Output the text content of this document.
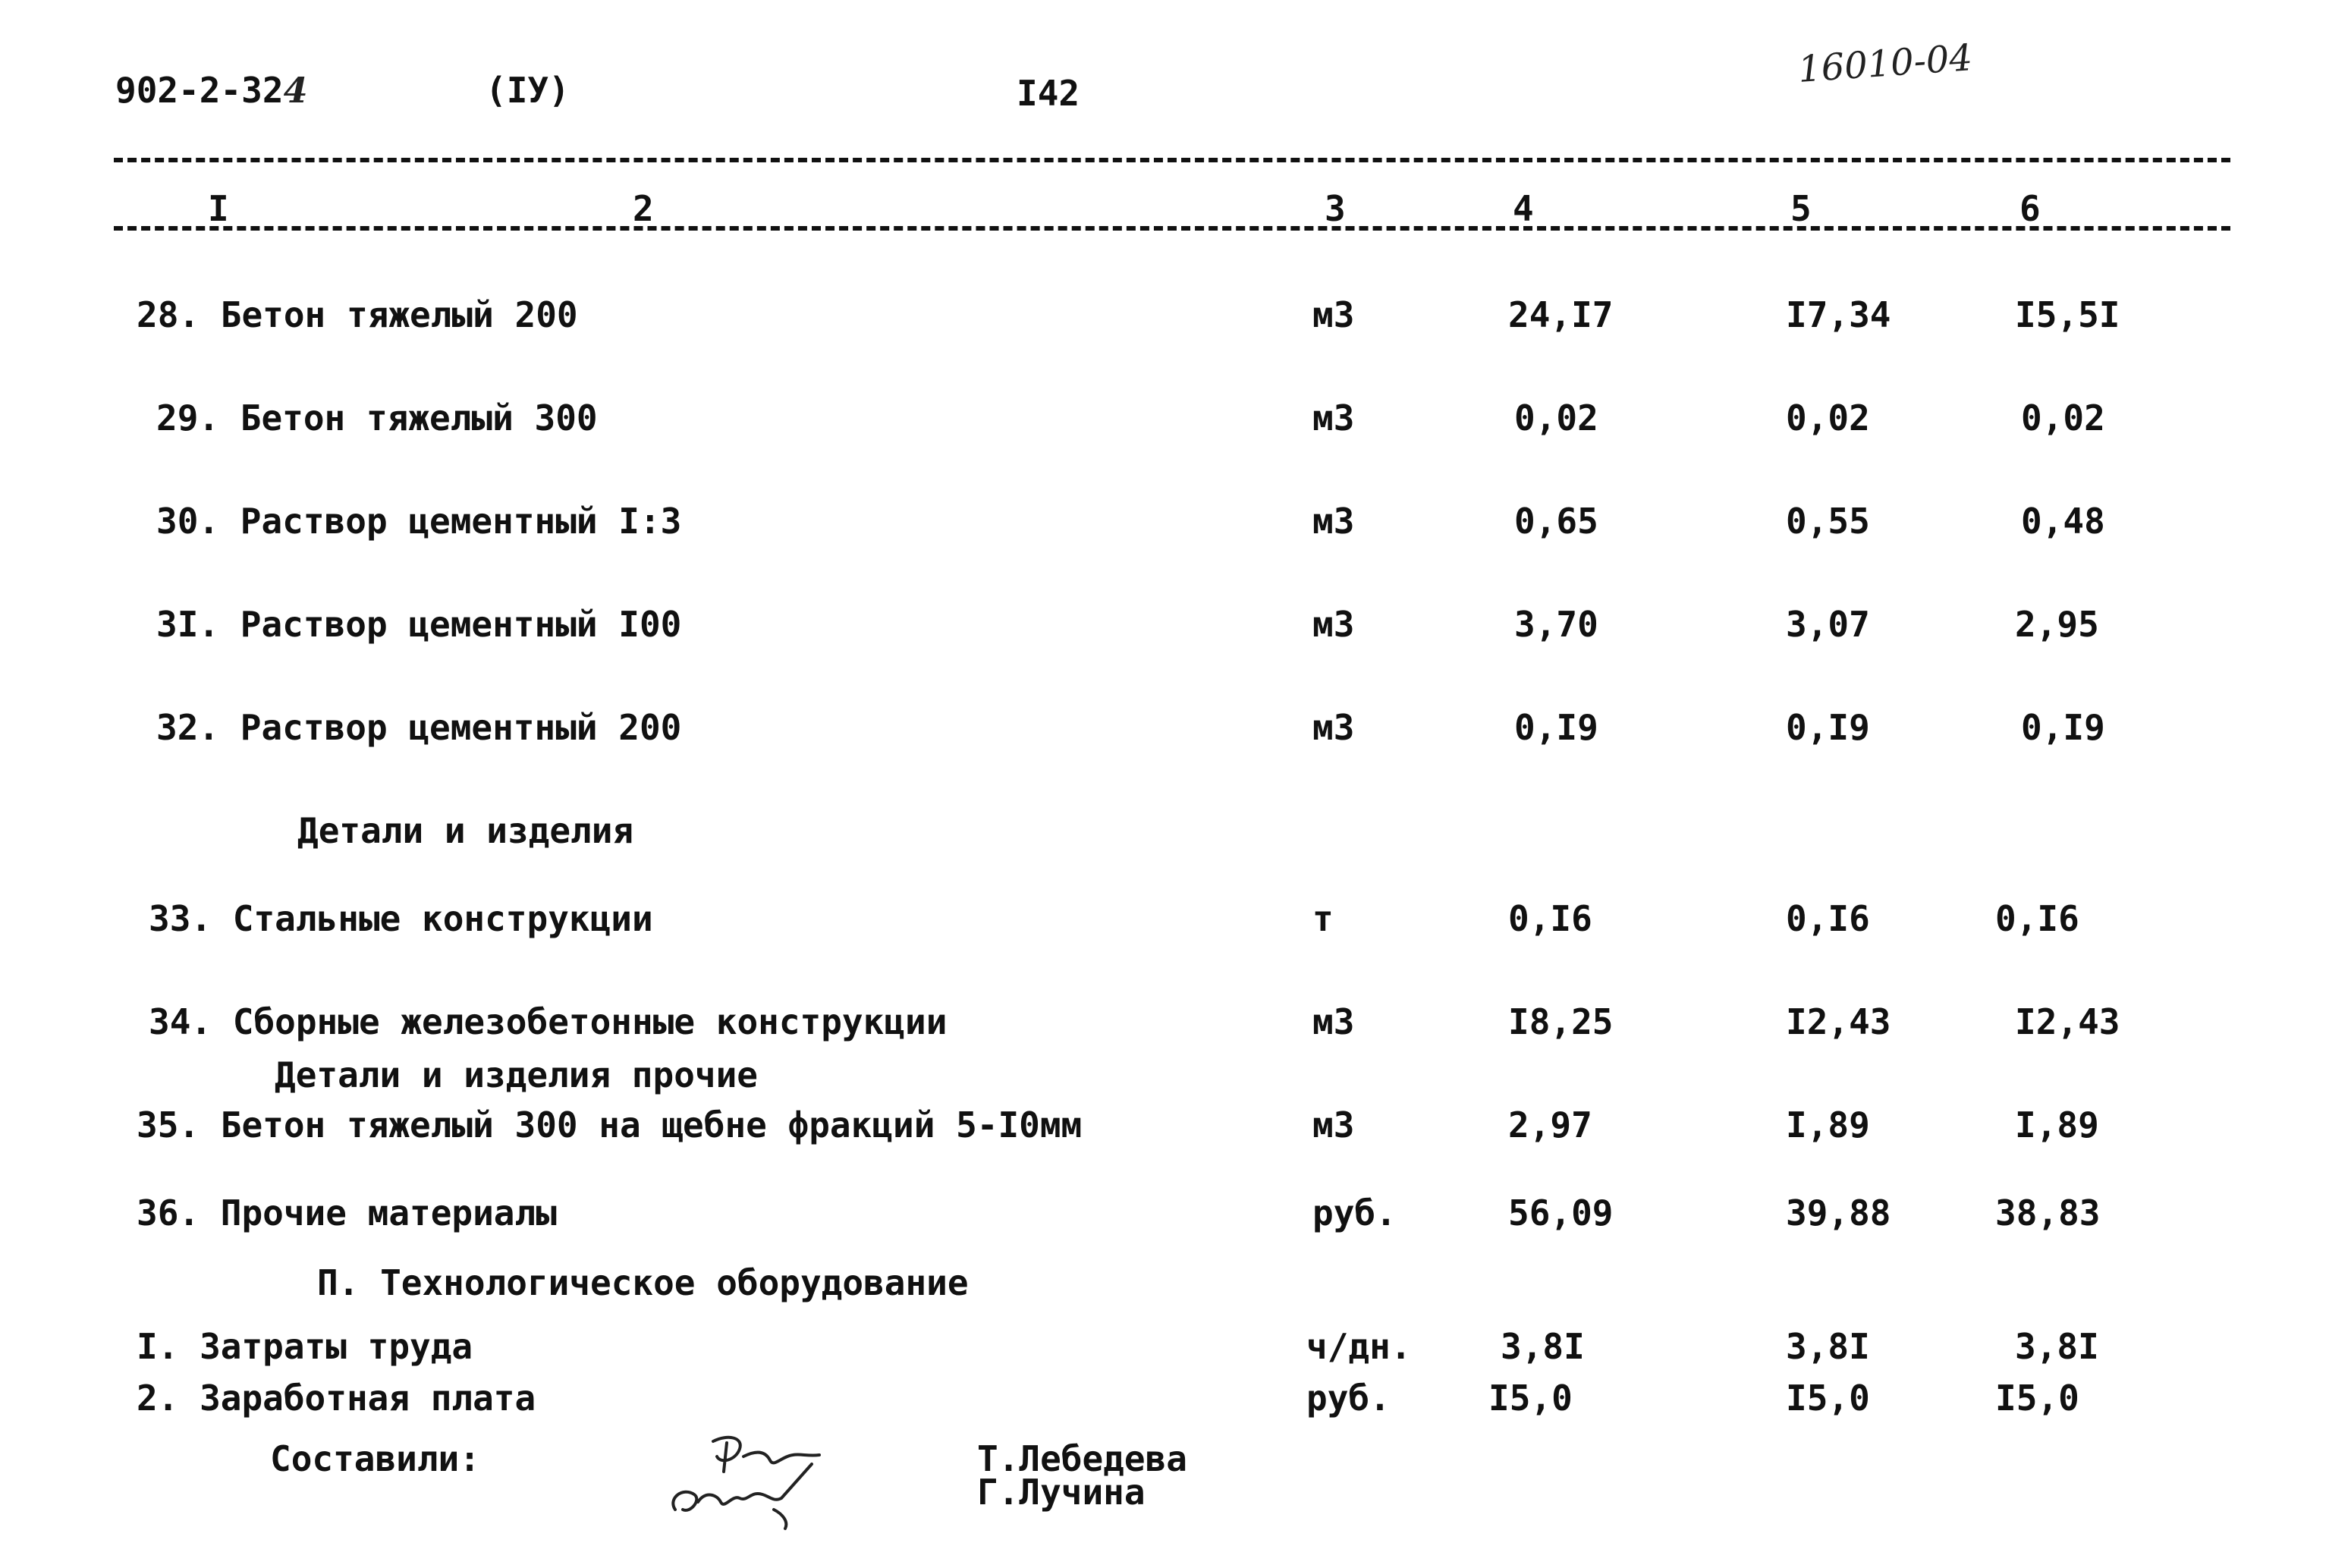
902-2-324	(IУ)	I42
16010-04
I	2	3	4	5	6
28. Бетон тяжелый 200	м3	24,I7	I7,34	I5,5I
29. Бетон тяжелый 300	м3	0,02	0,02	0,02
30. Раствор цементный I:3	м3	0,65	0,55	0,48
3I. Раствор цементный I00	м3	3,70	3,07	2,95
32. Раствор цементный 200	м3	0,I9	0,I9	0,I9
Детали и изделия
33. Стальные конструкции	т	0,I6	0,I6	0,I6
34. Сборные железобетонные конструкции	м3	I8,25	I2,43	I2,43
Детали и изделия прочие
35. Бетон тяжелый 300 на щебне фракций 5-I0мм	м3	2,97	I,89	I,89
36. Прочие материалы	руб.	56,09	39,88	38,83
П. Технологическое оборудование
I. Затраты труда	ч/дн.	3,8I	3,8I	3,8I
2. Заработная плата	руб.	I5,0	I5,0	I5,0
Составили:	Т.Лебедева
Г.Лучина
